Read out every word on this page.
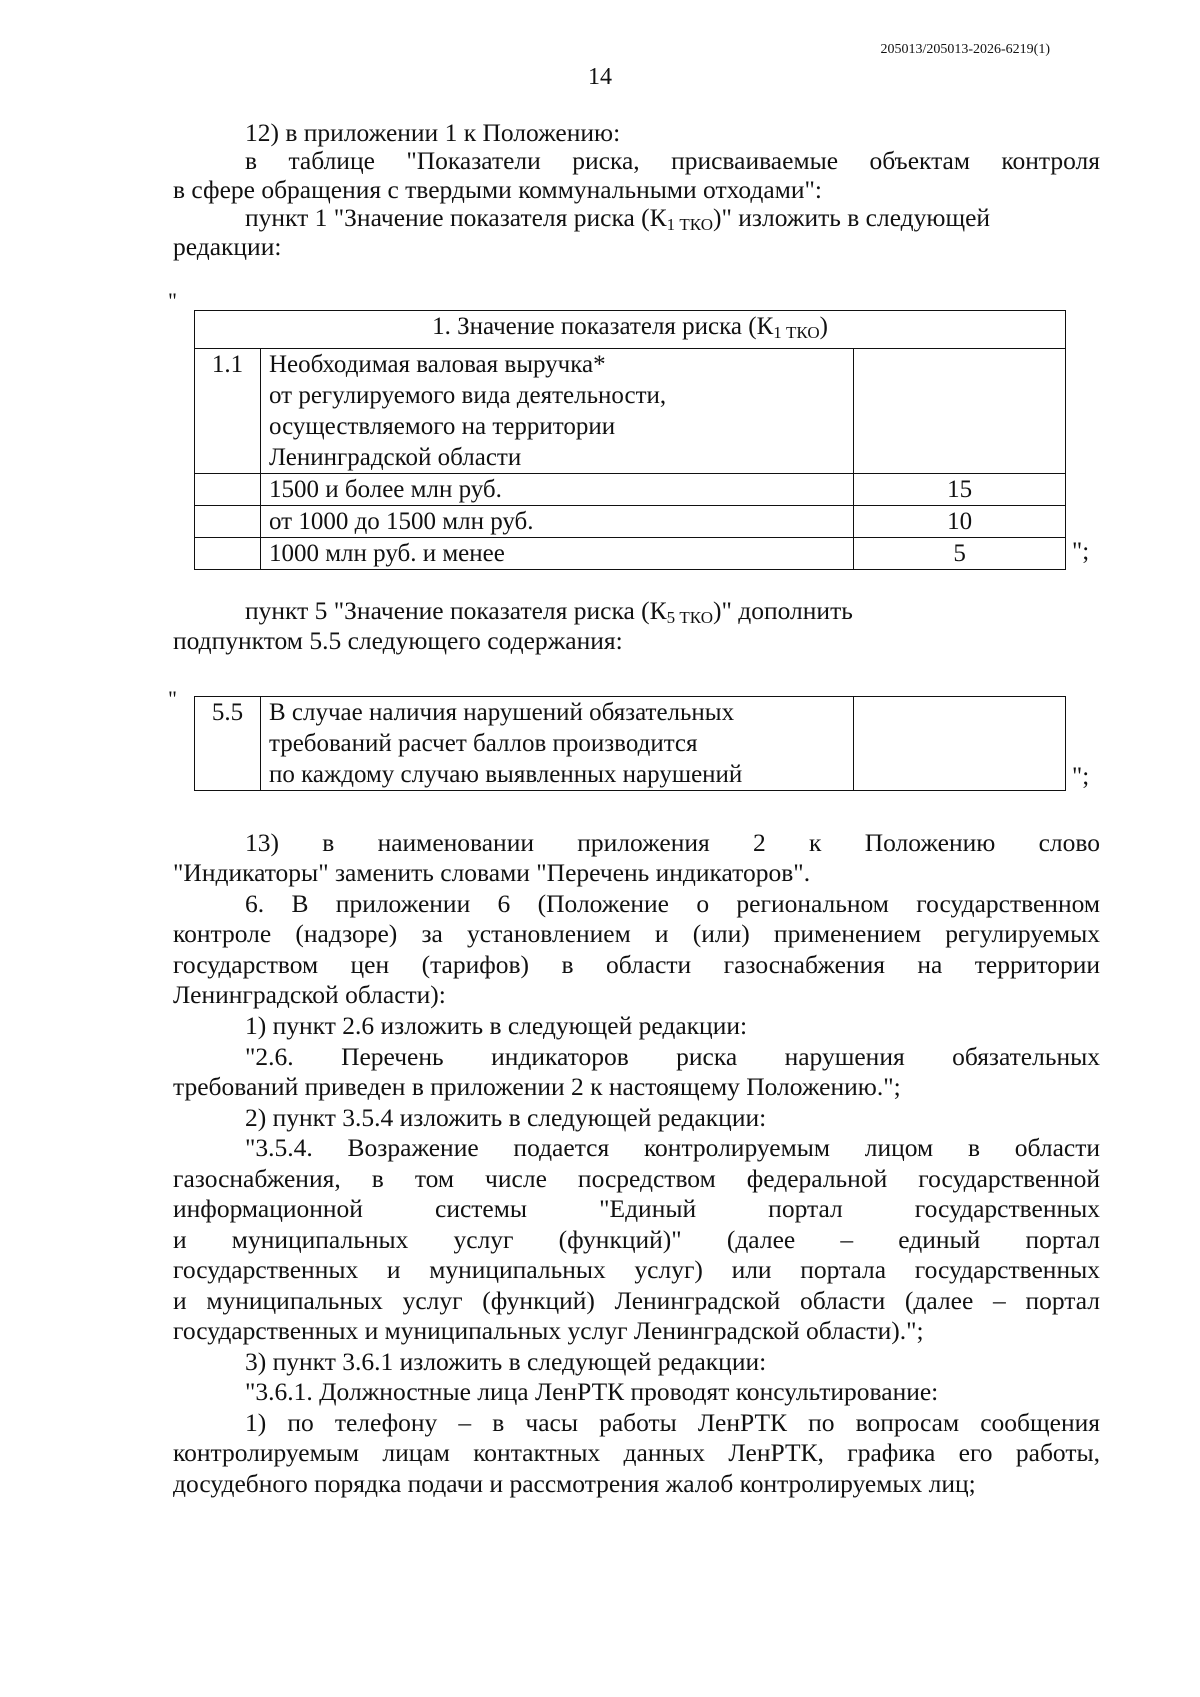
205013/205013-2026-6219(1)
14
12) в приложении 1 к Положению:
в таблице "Показатели риска, присваиваемые объектам контроля
в сфере обращения с твердыми коммунальными отходами":
пункт 1 "Значение показателя риска $(К_{1 ТКО})$" изложить в следующей
редакции:
"
1. Значение показателя риска $(К_{1 ТКО})$		
1.1	Необходимая валовая выручка*
от регулируемого вида деятельности,
осуществляемого на территории
Ленинградской области	

	1500 и более млн руб.	15
	от 1000 до 1500 млн руб.	10
	1000 млн руб. и менее	5	";
пункт 5 "Значение показателя риска $(К_{5 ТКО})$" дополнить
подпунктом 5.5 следующего содержания:
"
5.5	В случае наличия нарушений обязательных
требований расчет баллов производится
по каждому случаю выявленных нарушений
		";
13) в наименовании приложения 2 к Положению слово
"Индикаторы" заменить словами "Перечень индикаторов".
6. В приложении 6 (Положение о региональном государственном
контроле (надзоре) за установлением и (или) применением регулируемых
государством цен (тарифов) в области газоснабжения на территории
Ленинградской области):
1) пункт 2.6 изложить в следующей редакции:
"2.6. Перечень индикаторов риска нарушения обязательных
требований приведен в приложении 2 к настоящему Положению.";
2) пункт 3.5.4 изложить в следующей редакции:
"3.5.4. Возражение подается контролируемым лицом в области
газоснабжения, в том числе посредством федеральной государственной
информационной системы "Единый портал государственных
и муниципальных услуг (функций)" (далее – единый портал
государственных и муниципальных услуг) или портала государственных
и муниципальных услуг (функций) Ленинградской области (далее – портал
государственных и муниципальных услуг Ленинградской области).";
3) пункт 3.6.1 изложить в следующей редакции:
"3.6.1. Должностные лица ЛенРТК проводят консультирование:
1) по телефону – в часы работы ЛенРТК по вопросам сообщения
контролируемым лицам контактных данных ЛенРТК, графика его работы,
досудебного порядка подачи и рассмотрения жалоб контролируемых лиц;
